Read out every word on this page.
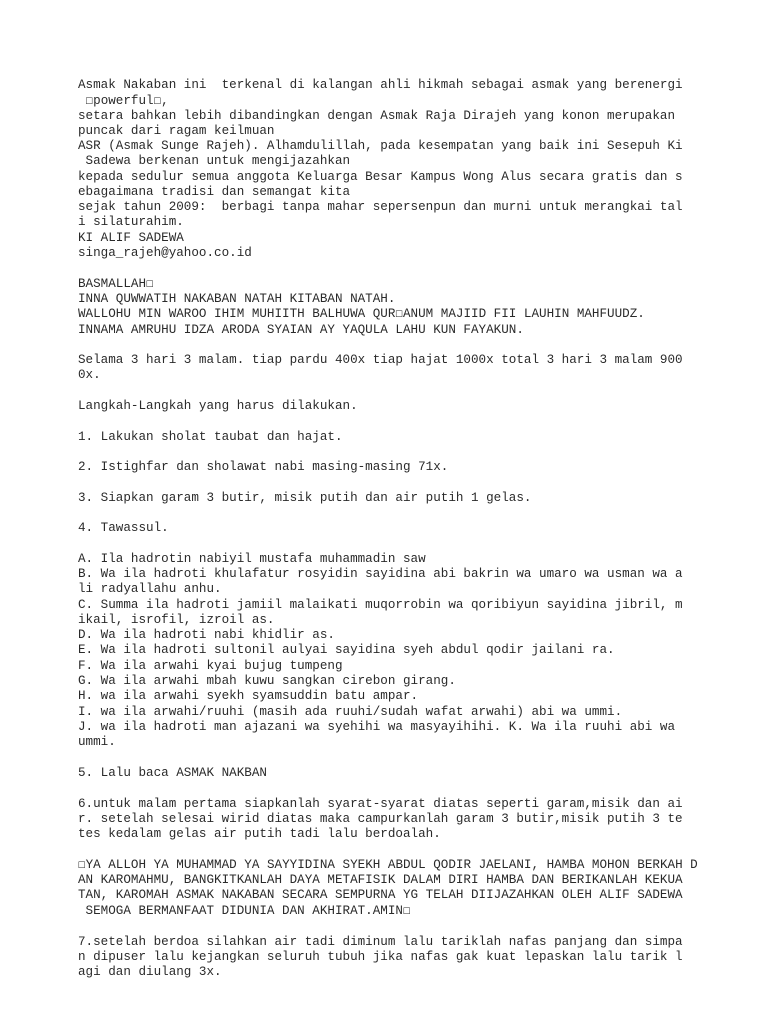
Asmak Nakaban ini  terkenal di kalangan ahli hikmah sebagai asmak yang berenergi

☐powerful☐,

setara bahkan lebih dibandingkan dengan Asmak Raja Dirajeh yang konon merupakan

puncak dari ragam keilmuan

ASR (Asmak Sunge Rajeh). Alhamdulillah, pada kesempatan yang baik ini Sesepuh Ki

Sadewa berkenan untuk mengijazahkan

kepada sedulur semua anggota Keluarga Besar Kampus Wong Alus secara gratis dan s

ebagaimana tradisi dan semangat kita

sejak tahun 2009:  berbagi tanpa mahar sepersenpun dan murni untuk merangkai tal

i silaturahim.

KI ALIF SADEWA

singa_rajeh@yahoo.co.id

BASMALLAH☐

INNA QUWWATIH NAKABAN NATAH KITABAN NATAH.

WALLOHU MIN WAROO IHIM MUHIITH BALHUWA QUR☐ANUM MAJIID FII LAUHIN MAHFUUDZ.

INNAMA AMRUHU IDZA ARODA SYAIAN AY YAQULA LAHU KUN FAYAKUN.

Selama 3 hari 3 malam. tiap pardu 400x tiap hajat 1000x total 3 hari 3 malam 900

0x.

Langkah-Langkah yang harus dilakukan.

1. Lakukan sholat taubat dan hajat.

2. Istighfar dan sholawat nabi masing-masing 71x.

3. Siapkan garam 3 butir, misik putih dan air putih 1 gelas.

4. Tawassul.

A. Ila hadrotin nabiyil mustafa muhammadin saw

B. Wa ila hadroti khulafatur rosyidin sayidina abi bakrin wa umaro wa usman wa a

li radyallahu anhu.

C. Summa ila hadroti jamiil malaikati muqorrobin wa qoribiyun sayidina jibril, m

ikail, isrofil, izroil as.

D. Wa ila hadroti nabi khidlir as.

E. Wa ila hadroti sultonil aulyai sayidina syeh abdul qodir jailani ra.

F. Wa ila arwahi kyai bujug tumpeng

G. Wa ila arwahi mbah kuwu sangkan cirebon girang.

H. wa ila arwahi syekh syamsuddin batu ampar.

I. wa ila arwahi/ruuhi (masih ada ruuhi/sudah wafat arwahi) abi wa ummi.

J. wa ila hadroti man ajazani wa syehihi wa masyayihihi. K. Wa ila ruuhi abi wa

ummi.

5. Lalu baca ASMAK NAKBAN

6.untuk malam pertama siapkanlah syarat-syarat diatas seperti garam,misik dan ai

r. setelah selesai wirid diatas maka campurkanlah garam 3 butir,misik putih 3 te

tes kedalam gelas air putih tadi lalu berdoalah.

☐YA ALLOH YA MUHAMMAD YA SAYYIDINA SYEKH ABDUL QODIR JAELANI, HAMBA MOHON BERKAH D

AN KAROMAHMU, BANGKITKANLAH DAYA METAFISIK DALAM DIRI HAMBA DAN BERIKANLAH KEKUA

TAN, KAROMAH ASMAK NAKABAN SECARA SEMPURNA YG TELAH DIIJAZAHKAN OLEH ALIF SADEWA

SEMOGA BERMANFAAT DIDUNIA DAN AKHIRAT.AMIN☐

7.setelah berdoa silahkan air tadi diminum lalu tariklah nafas panjang dan simpa

n dipuser lalu kejangkan seluruh tubuh jika nafas gak kuat lepaskan lalu tarik l

agi dan diulang 3x.
